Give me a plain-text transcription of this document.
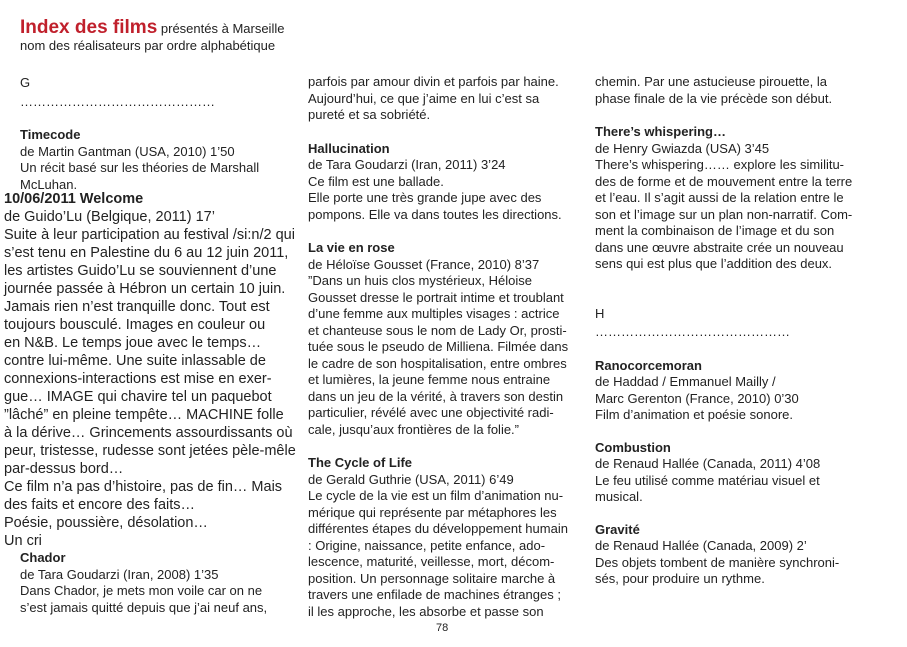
Index des films présentés à Marseille
nom des réalisateurs par ordre alphabétique

G

………………………………………

Timecode

de Martin Gantman (USA, 2010) 1’50

Un récit basé sur les théories de Marshall
McLuhan.

10/06/2011 Welcome

de Guido’Lu (Belgique, 2011) 17’

Suite à leur participation au festival /si:n/2 qui
s’est tenu en Palestine du 6 au 12 juin 2011,
les artistes Guido’Lu se souviennent d’une
journée passée à Hébron un certain 10 juin.
Jamais rien n’est tranquille donc. Tout est
toujours bousculé. Images en couleur ou
en N&B. Le temps joue avec le temps…
contre lui-même. Une suite inlassable de
connexions-interactions est mise en exer-
gue… IMAGE qui chavire tel un paquebot
”lâché” en pleine tempête… MACHINE folle
à la dérive… Grincements assourdissants où
peur, tristesse, rudesse sont jetées pèle-mêle
par-dessus bord…
Ce film n’a pas d’histoire, pas de fin… Mais
des faits et encore des faits…
Poésie, poussière, désolation…
Un cri

Chador

de Tara Goudarzi (Iran, 2008) 1’35

Dans Chador, je mets mon voile car on ne
s’est jamais quitté depuis que j’ai neuf ans,

parfois par amour divin et parfois par haine.
Aujourd’hui, ce que j’aime en lui c’est sa
pureté et sa sobriété.

Hallucination

de Tara Goudarzi (Iran, 2011) 3’24

Ce film est une ballade.
Elle porte une très grande jupe avec des
pompons. Elle va dans toutes les directions.

La vie en rose

de Héloïse Gousset (France, 2010) 8’37

”Dans un huis clos mystérieux, Héloise
Gousset dresse le portrait intime et troublant
d’une femme aux multiples visages : actrice
et chanteuse sous le nom de Lady Or, prosti-
tuée sous le pseudo de Milliena. Filmée dans
le cadre de son hospitalisation, entre ombres
et lumières, la jeune femme nous entraine
dans un jeu de la vérité, à travers son destin
particulier, révélé avec une objectivité radi-
cale, jusqu’aux frontières de la folie.”

The Cycle of Life

de Gerald Guthrie (USA, 2011) 6’49

Le cycle de la vie est un film d’animation nu-
mérique qui représente par métaphores les
différentes étapes du développement humain
: Origine, naissance, petite enfance, ado-
lescence, maturité, veillesse, mort, décom-
position. Un personnage solitaire marche à
travers une enfilade de machines étranges ;
il les approche, les absorbe et passe son

chemin. Par une astucieuse pirouette, la
phase finale de la vie précède son début.

There’s whispering…

de Henry Gwiazda (USA) 3’45

There’s whispering…… explore les similitu-
des de forme et de mouvement entre la terre
et l’eau. Il s’agit aussi de la relation entre le
son et l’image sur un plan non-narratif. Com-
ment la combinaison de l’image et du son
dans une œuvre abstraite crée un nouveau
sens qui est plus que l’addition des deux.

H

………………………………………

Ranocorcemoran

de Haddad / Emmanuel Mailly /
Marc Gerenton (France, 2010) 0’30

Film d’animation et poésie sonore.

Combustion

de Renaud Hallée (Canada, 2011) 4’08

Le feu utilisé comme matériau visuel et
musical.

Gravité

de Renaud Hallée (Canada, 2009) 2’

Des objets tombent de manière synchroni-
sés, pour produire un rythme.

78
